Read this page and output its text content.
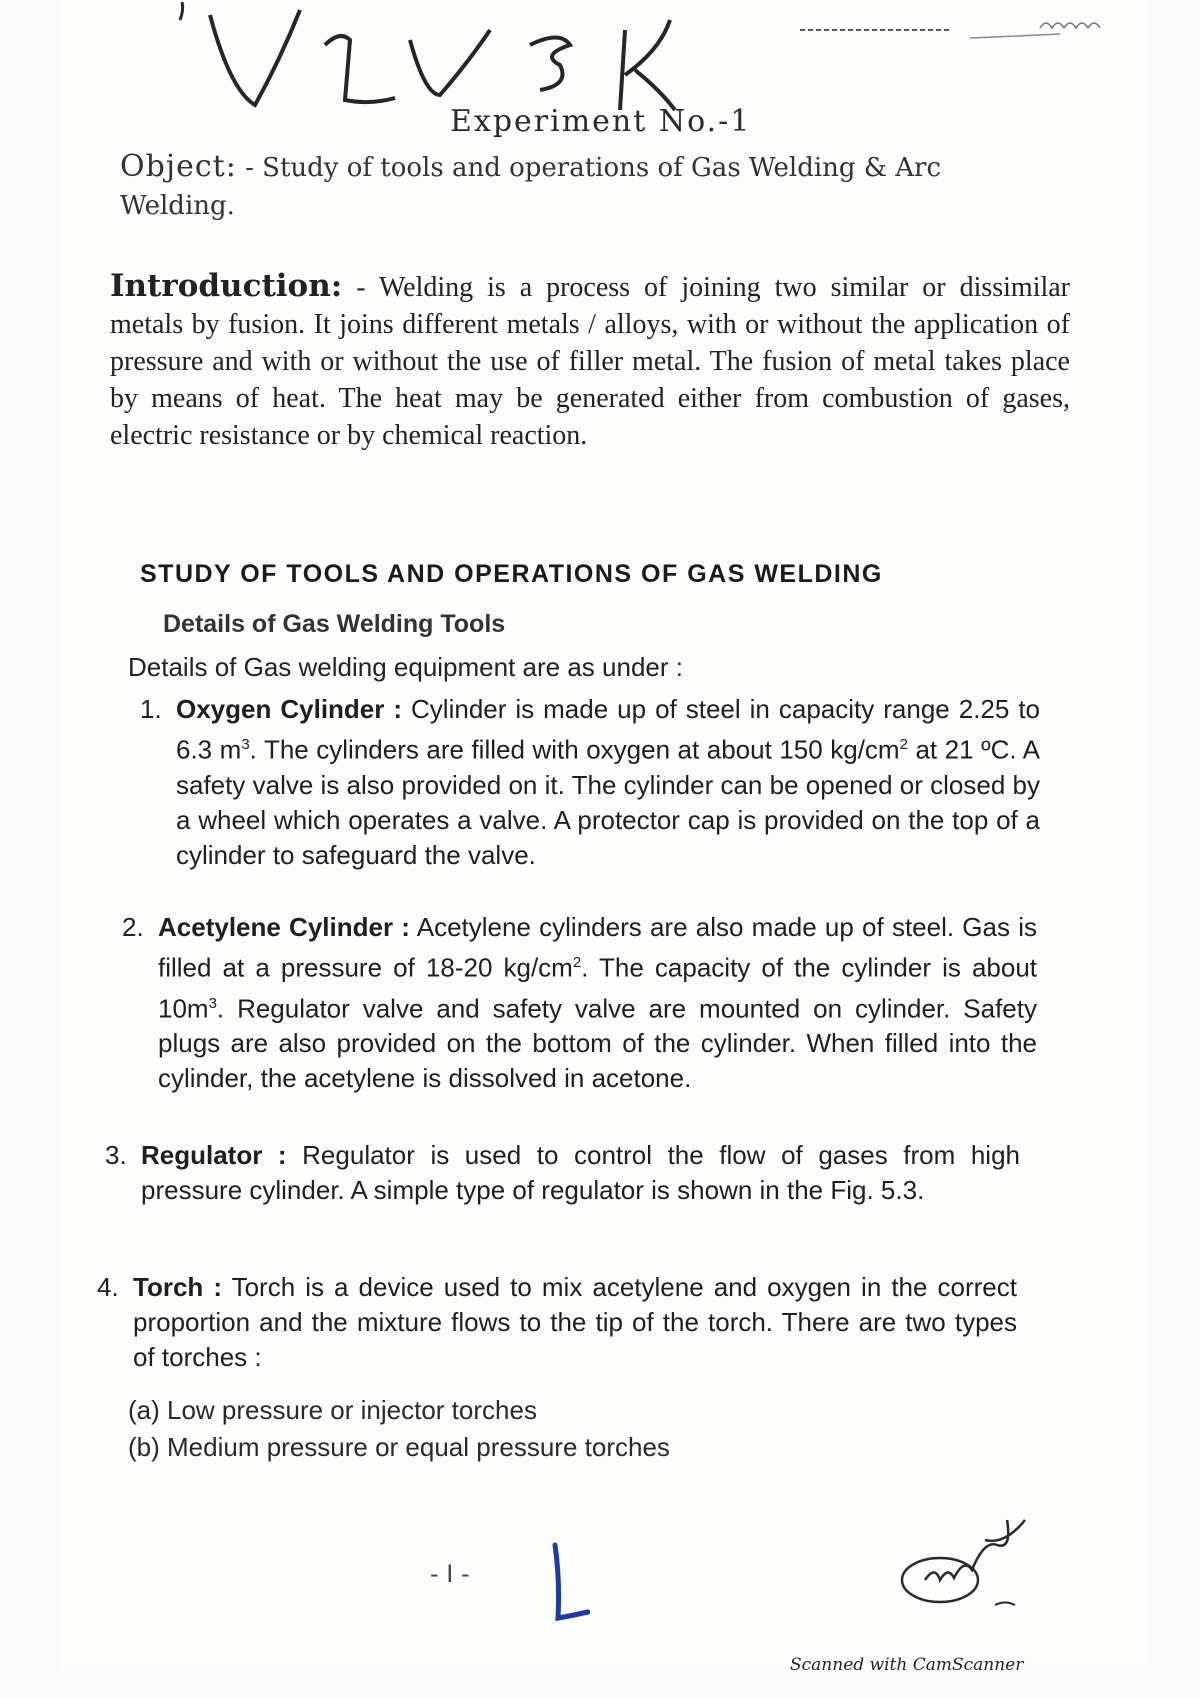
Experiment No.-1
Object: - Study of tools and operations of Gas Welding & Arc Welding.
Introduction: - Welding is a process of joining two similar or dissimilar metals by fusion. It joins different metals / alloys, with or without the application of pressure and with or without the use of filler metal. The fusion of metal takes place by means of heat. The heat may be generated either from combustion of gases, electric resistance or by chemical reaction.
STUDY OF TOOLS AND OPERATIONS OF GAS WELDING
Details of Gas Welding Tools
Details of Gas welding equipment are as under :
1. Oxygen Cylinder : Cylinder is made up of steel in capacity range 2.25 to 6.3 $m^3$. The cylinders are filled with oxygen at about 150 $kg/cm^2$ at 21 ºC. A safety valve is also provided on it. The cylinder can be opened or closed by a wheel which operates a valve. A protector cap is provided on the top of a cylinder to safeguard the valve.
2. Acetylene Cylinder : Acetylene cylinders are also made up of steel. Gas is filled at a pressure of 18-20 $kg/cm^2$. The capacity of the cylinder is about $10m^3$. Regulator valve and safety valve are mounted on cylinder. Safety plugs are also provided on the bottom of the cylinder. When filled into the cylinder, the acetylene is dissolved in acetone.
3. Regulator : Regulator is used to control the flow of gases from high pressure cylinder. A simple type of regulator is shown in the Fig. 5.3.
4. Torch : Torch is a device used to mix acetylene and oxygen in the correct proportion and the mixture flows to the tip of the torch. There are two types of torches :
(a) Low pressure or injector torches
(b) Medium pressure or equal pressure torches
- I -
Scanned with CamScanner
